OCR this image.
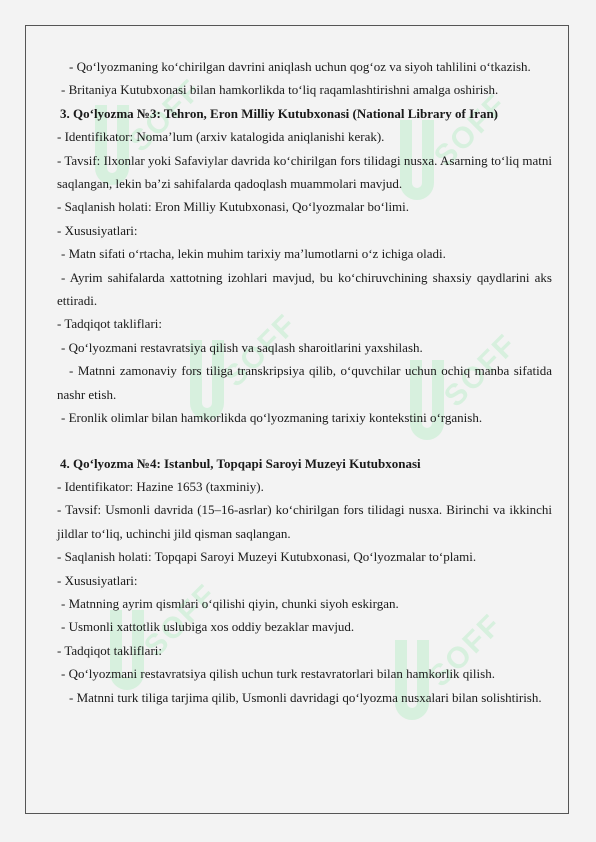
SOFF	SOFF
SOFF	SOFF
SOFF	SOFF

- Qo‘lyozmaning ko‘chirilgan davrini aniqlash uchun qog‘oz va siyoh tahlilini o‘tkazish.

- Britaniya Kutubxonasi bilan hamkorlikda to‘liq raqamlashtirishni amalga oshirish.

3. Qo‘lyozma №3: Tehron, Eron Milliy Kutubxonasi (National Library of Iran)

- Identifikator: Noma’lum (arxiv katalogida aniqlanishi kerak).

- Tavsif: Ilxonlar yoki Safaviylar davrida ko‘chirilgan fors tilidagi nusxa. Asarning to‘liq matni saqlangan, lekin ba’zi sahifalarda qadoqlash muammolari mavjud.

- Saqlanish holati: Eron Milliy Kutubxonasi, Qo‘lyozmalar bo‘limi.

- Xususiyatlari:

- Matn sifati o‘rtacha, lekin muhim tarixiy ma’lumotlarni o‘z ichiga oladi.

- Ayrim sahifalarda xattotning izohlari mavjud, bu ko‘chiruvchining shaxsiy qaydlarini aks ettiradi.

- Tadqiqot takliflari:

- Qo‘lyozmani restavratsiya qilish va saqlash sharoitlarini yaxshilash.

- Matnni zamonaviy fors tiliga transkripsiya qilib, o‘quvchilar uchun ochiq manba sifatida nashr etish.

- Eronlik olimlar bilan hamkorlikda qo‘lyozmaning tarixiy kontekstini o‘rganish.

4. Qo‘lyozma №4: Istanbul, Topqapi Saroyi Muzeyi Kutubxonasi

- Identifikator: Hazine 1653 (taxminiy).

- Tavsif: Usmonli davrida (15–16-asrlar) ko‘chirilgan fors tilidagi nusxa. Birinchi va ikkinchi jildlar to‘liq, uchinchi jild qisman saqlangan.

- Saqlanish holati: Topqapi Saroyi Muzeyi Kutubxonasi, Qo‘lyozmalar to‘plami.

- Xususiyatlari:

- Matnning ayrim qismlari o‘qilishi qiyin, chunki siyoh eskirgan.

- Usmonli xattotlik uslubiga xos oddiy bezaklar mavjud.

- Tadqiqot takliflari:

- Qo‘lyozmani restavratsiya qilish uchun turk restavratorlari bilan hamkorlik qilish.

- Matnni turk tiliga tarjima qilib, Usmonli davridagi qo‘lyozma nusxalari bilan solishtirish.
